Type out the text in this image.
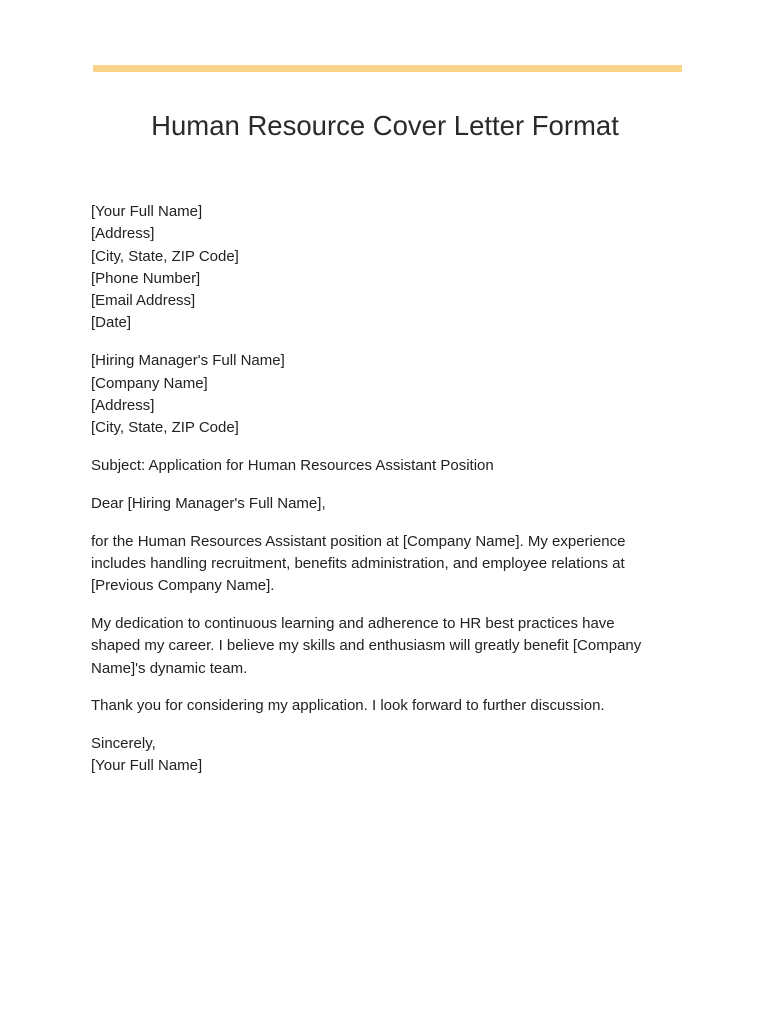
Human Resource Cover Letter Format
[Your Full Name]
[Address]
[City, State, ZIP Code]
[Phone Number]
[Email Address]
[Date]
[Hiring Manager's Full Name]
[Company Name]
[Address]
[City, State, ZIP Code]

Subject: Application for Human Resources Assistant Position

Dear [Hiring Manager's Full Name],

for the Human Resources Assistant position at [Company Name]. My experience
includes handling recruitment, benefits administration, and employee relations at
[Previous Company Name].

My dedication to continuous learning and adherence to HR best practices have
shaped my career. I believe my skills and enthusiasm will greatly benefit [Company
Name]'s dynamic team.

Thank you for considering my application. I look forward to further discussion.

Sincerely,
[Your Full Name]
